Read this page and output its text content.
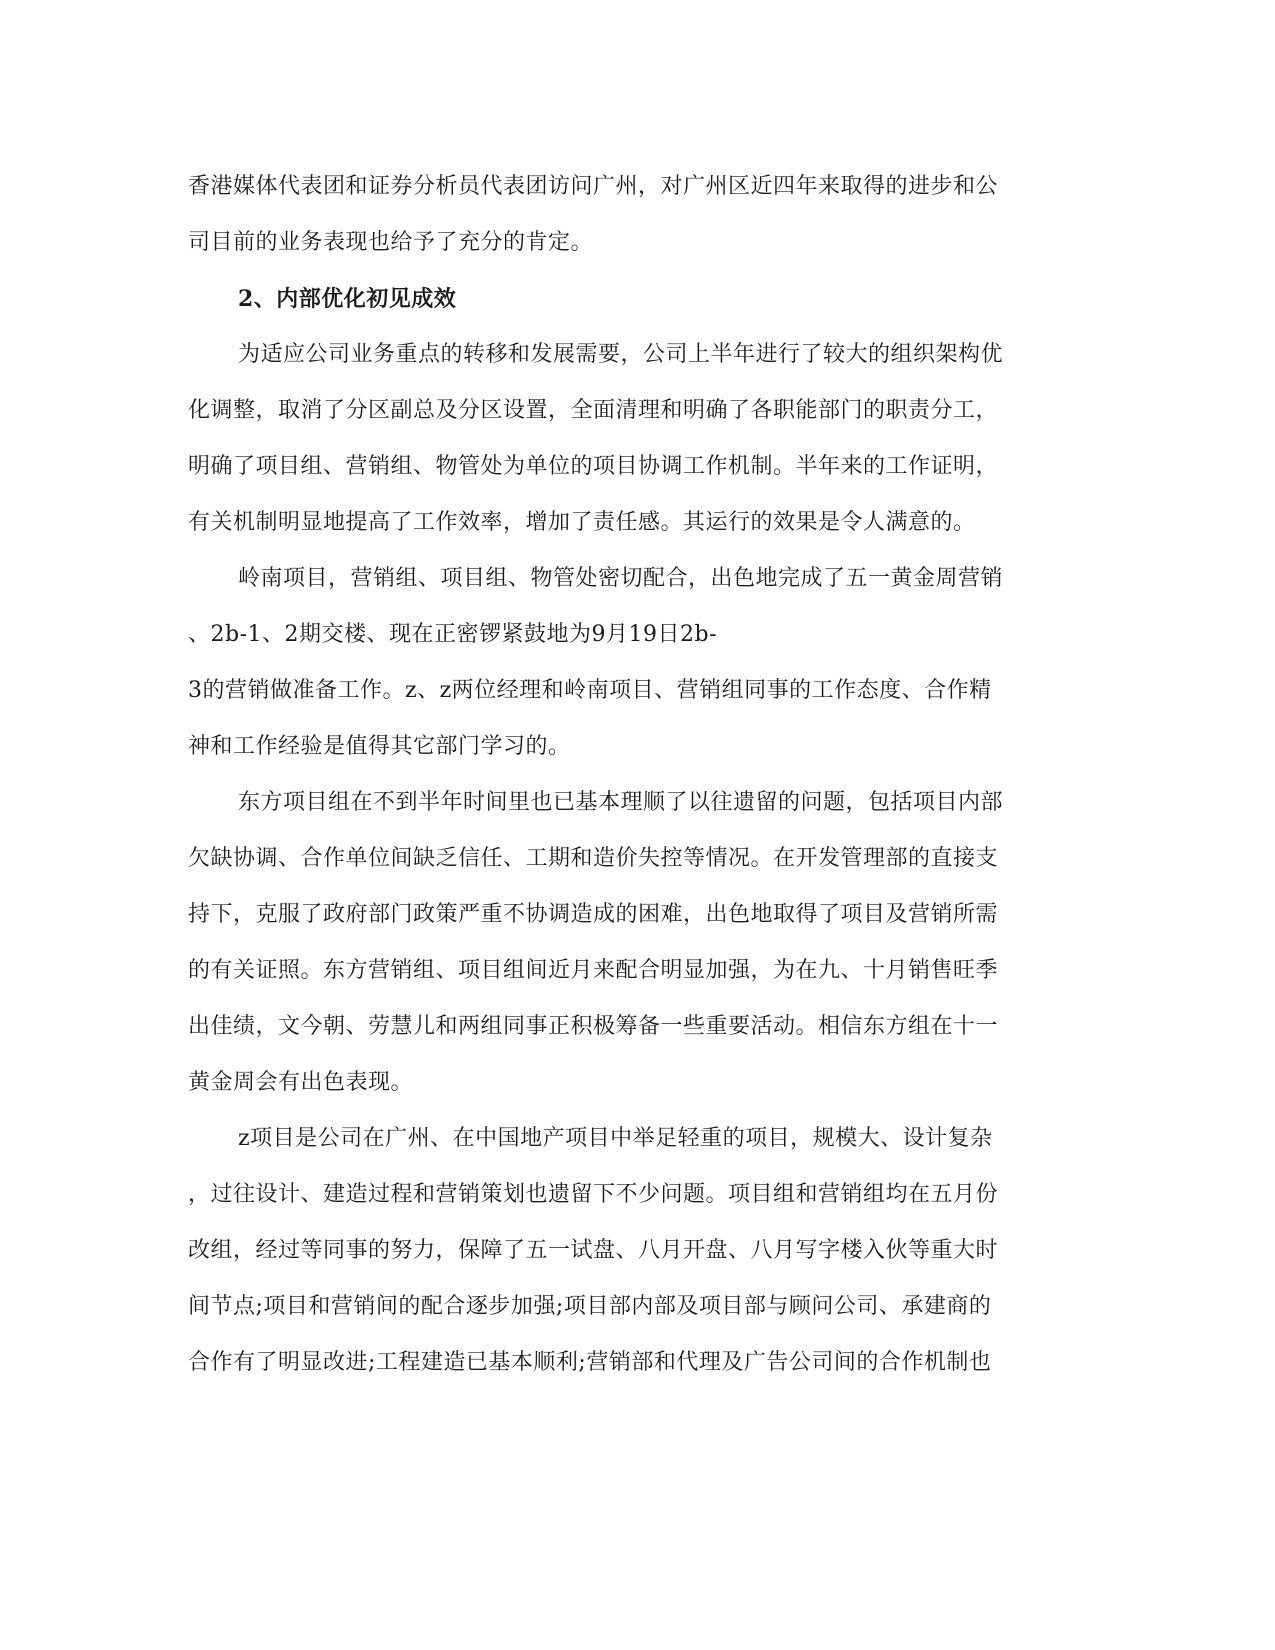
香港媒体代表团和证券分析员代表团访问广州，对广州区近四年来取得的进步和公
司目前的业务表现也给予了充分的肯定。
2、内部优化初见成效
为适应公司业务重点的转移和发展需要，公司上半年进行了较大的组织架构优
化调整，取消了分区副总及分区设置，全面清理和明确了各职能部门的职责分工，
明确了项目组、营销组、物管处为单位的项目协调工作机制。半年来的工作证明，
有关机制明显地提高了工作效率，增加了责任感。其运行的效果是令人满意的。
岭南项目，营销组、项目组、物管处密切配合，出色地完成了五一黄金周营销
、2b-1、2期交楼、现在正密锣紧鼓地为9月19日2b-
3的营销做准备工作。z、z两位经理和岭南项目、营销组同事的工作态度、合作精
神和工作经验是值得其它部门学习的。
东方项目组在不到半年时间里也已基本理顺了以往遗留的问题，包括项目内部
欠缺协调、合作单位间缺乏信任、工期和造价失控等情况。在开发管理部的直接支
持下，克服了政府部门政策严重不协调造成的困难，出色地取得了项目及营销所需
的有关证照。东方营销组、项目组间近月来配合明显加强，为在九、十月销售旺季
出佳绩，文今朝、劳慧儿和两组同事正积极筹备一些重要活动。相信东方组在十一
黄金周会有出色表现。
z项目是公司在广州、在中国地产项目中举足轻重的项目，规模大、设计复杂
，过往设计、建造过程和营销策划也遗留下不少问题。项目组和营销组均在五月份
改组，经过等同事的努力，保障了五一试盘、八月开盘、八月写字楼入伙等重大时
间节点;项目和营销间的配合逐步加强;项目部内部及项目部与顾问公司、承建商的
合作有了明显改进;工程建造已基本顺利;营销部和代理及广告公司间的合作机制也
